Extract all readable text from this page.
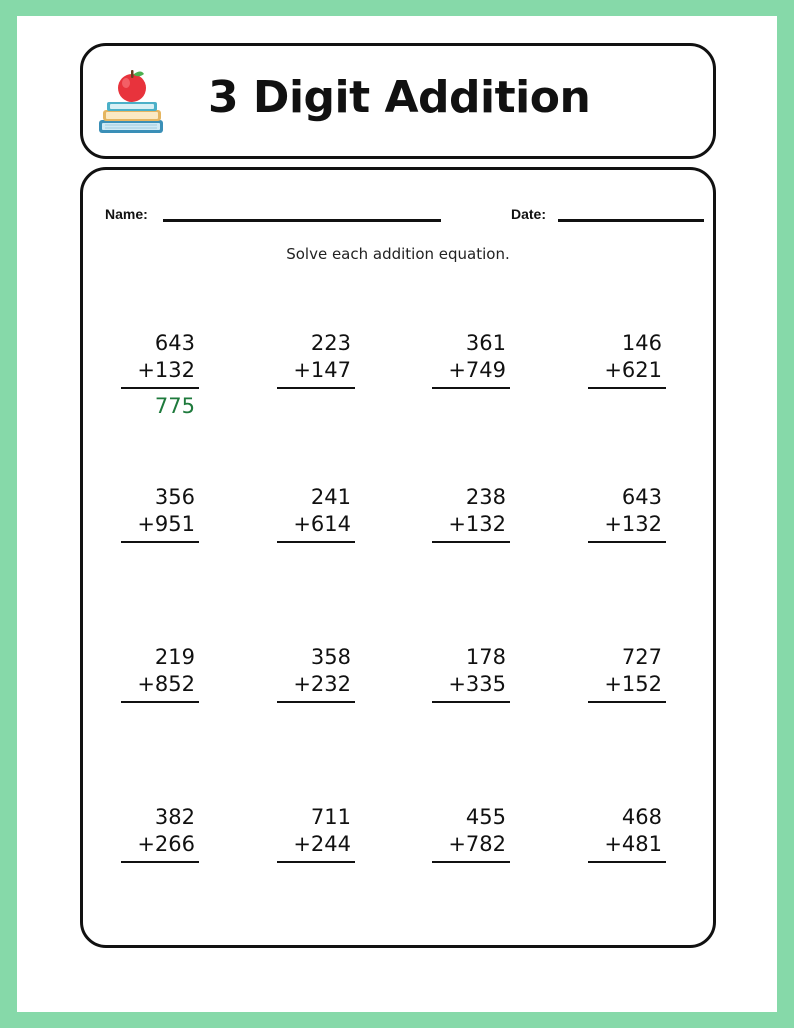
3 Digit Addition
Name:	Date:
Solve each addition equation.
643
+132
775
223
+147
361
+749
146
+621
356
+951
241
+614
238
+132
643
+132
219
+852
358
+232
178
+335
727
+152
382
+266
711
+244
455
+782
468
+481
